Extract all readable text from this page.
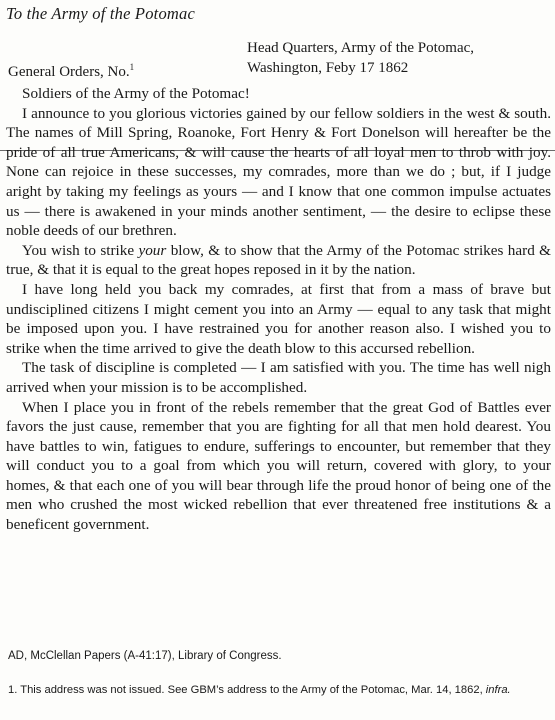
To the Army of the Potomac
Head Quarters, Army of the Potomac,
Washington, Feby 17 1862
General Orders, No.$^1$

Soldiers of the Army of the Potomac!

I announce to you glorious victories gained by our fellow soldiers in the west & south. The names of Mill Spring, Roanoke, Fort Henry & Fort Donelson will hereafter be the pride of all true Americans, & will cause the hearts of all loyal men to throb with joy. None can rejoice in these successes, my comrades, more than we do ; but, if I judge aright by taking my feelings as yours — and I know that one common impulse actuates us — there is awakened in your minds another sentiment, — the desire to eclipse these noble deeds of our brethren.

You wish to strike your blow, & to show that the Army of the Potomac strikes hard & true, & that it is equal to the great hopes reposed in it by the nation.

I have long held you back my comrades, at first that from a mass of brave but undisciplined citizens I might cement you into an Army — equal to any task that might be imposed upon you. I have restrained you for another reason also. I wished you to strike when the time arrived to give the death blow to this accursed rebellion.

The task of discipline is completed — I am satisfied with you. The time has well nigh arrived when your mission is to be accomplished.

When I place you in front of the rebels remember that the great God of Battles ever favors the just cause, remember that you are fighting for all that men hold dearest. You have battles to win, fatigues to endure, sufferings to encounter, but remember that they will conduct you to a goal from which you will return, covered with glory, to your homes, & that each one of you will bear through life the proud honor of being one of the men who crushed the most wicked rebellion that ever threatened free institutions & a beneficent government.

AD, McClellan Papers (A-41:17), Library of Congress.
1. This address was not issued. See GBM’s address to the Army of the Potomac, Mar. 14, 1862, infra.
